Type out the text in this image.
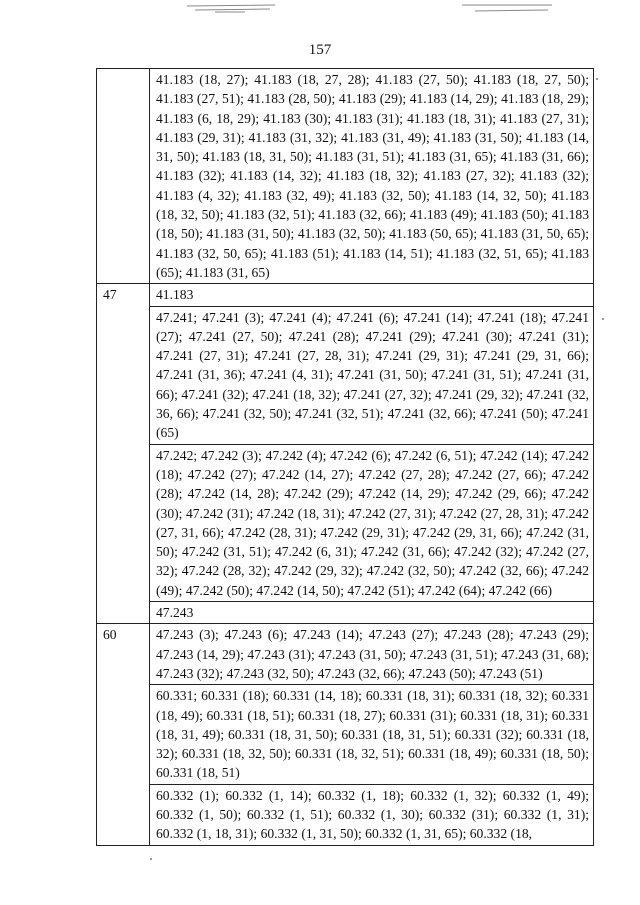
157
	41.183 (18, 27); 41.183 (18, 27, 28); 41.183 (27, 50); 41.183 (18, 27, 50); 41.183 (27, 51); 41.183 (28, 50); 41.183 (29); 41.183 (14, 29); 41.183 (18, 29); 41.183 (6, 18, 29); 41.183 (30); 41.183 (31); 41.183 (18, 31); 41.183 (27, 31); 41.183 (29, 31); 41.183 (31, 32); 41.183 (31, 49); 41.183 (31, 50); 41.183 (14, 31, 50); 41.183 (18, 31, 50); 41.183 (31, 51); 41.183 (31, 65); 41.183 (31, 66); 41.183 (32); 41.183 (14, 32); 41.183 (18, 32); 41.183 (27, 32); 41.183 (32); 41.183 (4, 32); 41.183 (32, 49); 41.183 (32, 50); 41.183 (14, 32, 50); 41.183 (18, 32, 50); 41.183 (32, 51); 41.183 (32, 66); 41.183 (49); 41.183 (50); 41.183 (18, 50); 41.183 (31, 50); 41.183 (32, 50); 41.183 (50, 65); 41.183 (31, 50, 65); 41.183 (32, 50, 65); 41.183 (51); 41.183 (14, 51); 41.183 (32, 51, 65); 41.183 (65); 41.183 (31, 65)
47	41.183
	47.241; 47.241 (3); 47.241 (4); 47.241 (6); 47.241 (14); 47.241 (18); 47.241 (27); 47.241 (27, 50); 47.241 (28); 47.241 (29); 47.241 (30); 47.241 (31); 47.241 (27, 31); 47.241 (27, 28, 31); 47.241 (29, 31); 47.241 (29, 31, 66); 47.241 (31, 36); 47.241 (4, 31); 47.241 (31, 50); 47.241 (31, 51); 47.241 (31, 66); 47.241 (32); 47.241 (18, 32); 47.241 (27, 32); 47.241 (29, 32); 47.241 (32, 36, 66); 47.241 (32, 50); 47.241 (32, 51); 47.241 (32, 66); 47.241 (50); 47.241 (65)
	47.242; 47.242 (3); 47.242 (4); 47.242 (6); 47.242 (6, 51); 47.242 (14); 47.242 (18); 47.242 (27); 47.242 (14, 27); 47.242 (27, 28); 47.242 (27, 66); 47.242 (28); 47.242 (14, 28); 47.242 (29); 47.242 (14, 29); 47.242 (29, 66); 47.242 (30); 47.242 (31); 47.242 (18, 31); 47.242 (27, 31); 47.242 (27, 28, 31); 47.242 (27, 31, 66); 47.242 (28, 31); 47.242 (29, 31); 47.242 (29, 31, 66); 47.242 (31, 50); 47.242 (31, 51); 47.242 (6, 31); 47.242 (31, 66); 47.242 (32); 47.242 (27, 32); 47.242 (28, 32); 47.242 (29, 32); 47.242 (32, 50); 47.242 (32, 66); 47.242 (49); 47.242 (50); 47.242 (14, 50); 47.242 (51); 47.242 (64); 47.242 (66)
	47.243
60	47.243 (3); 47.243 (6); 47.243 (14); 47.243 (27); 47.243 (28); 47.243 (29); 47.243 (14, 29); 47.243 (31); 47.243 (31, 50); 47.243 (31, 51); 47.243 (31, 68); 47.243 (32); 47.243 (32, 50); 47.243 (32, 66); 47.243 (50); 47.243 (51)
	60.331; 60.331 (18); 60.331 (14, 18); 60.331 (18, 31); 60.331 (18, 32); 60.331 (18, 49); 60.331 (18, 51); 60.331 (18, 27); 60.331 (31); 60.331 (18, 31); 60.331 (18, 31, 49); 60.331 (18, 31, 50); 60.331 (18, 31, 51); 60.331 (32); 60.331 (18, 32); 60.331 (18, 32, 50); 60.331 (18, 32, 51); 60.331 (18, 49); 60.331 (18, 50); 60.331 (18, 51)
	60.332 (1); 60.332 (1, 14); 60.332 (1, 18); 60.332 (1, 32); 60.332 (1, 49); 60.332 (1, 50); 60.332 (1, 51); 60.332 (1, 30); 60.332 (31); 60.332 (1, 31); 60.332 (1, 18, 31); 60.332 (1, 31, 50); 60.332 (1, 31, 65); 60.332 (18,
